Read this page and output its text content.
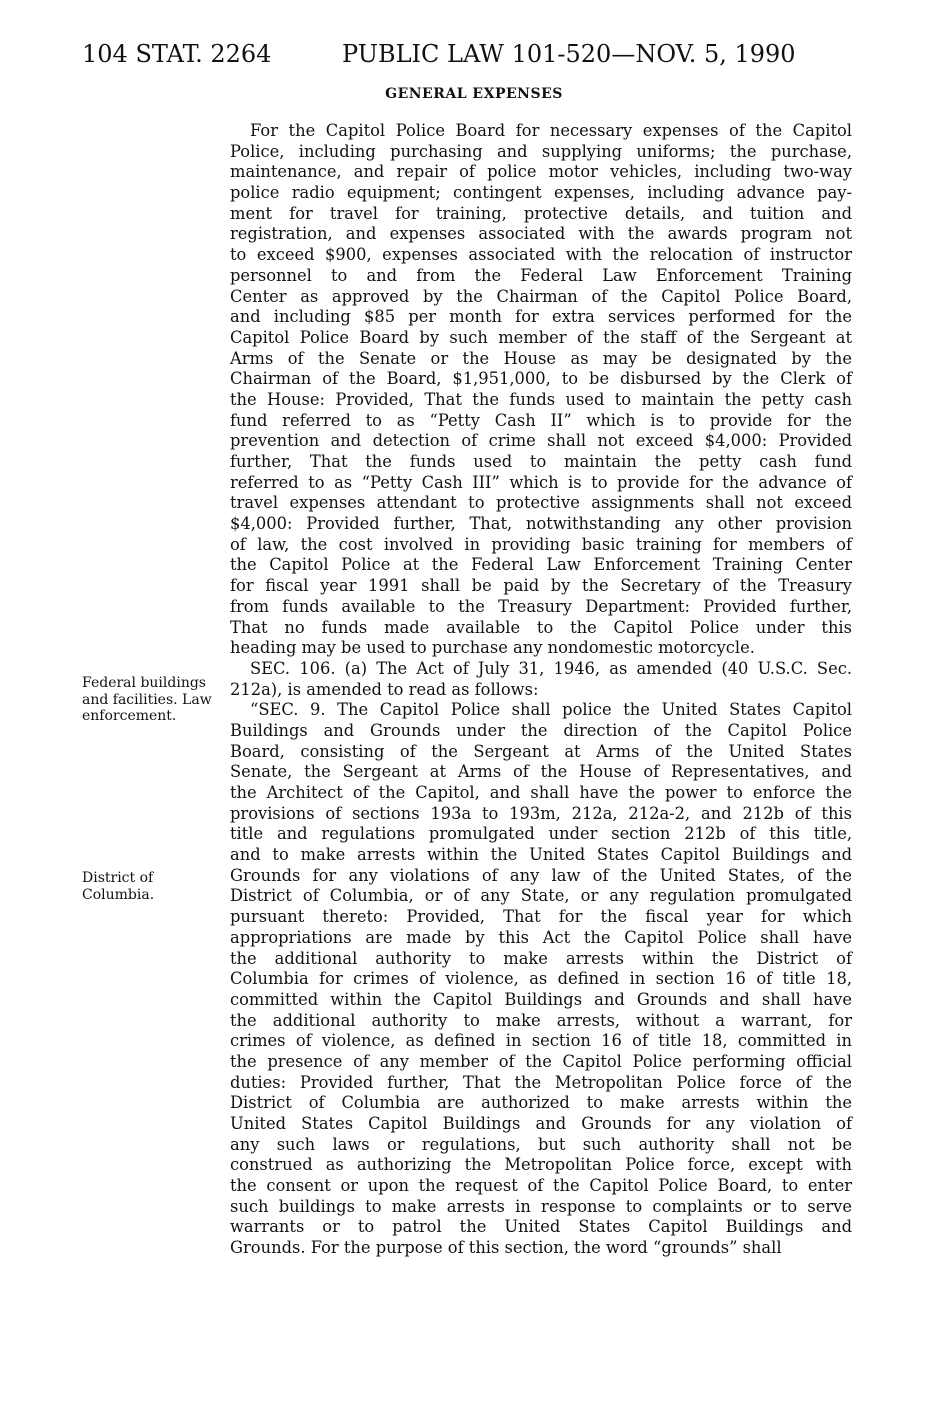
104 STAT. 2264	PUBLIC LAW 101-520—NOV. 5, 1990
GENERAL EXPENSES
Federal buildings and facilities. Law enforcement.
District of Columbia.
For the Capitol Police Board for necessary expenses of the Capitol
Police, including purchasing and supplying uniforms; the purchase,
maintenance, and repair of police motor vehicles, including two-way
police radio equipment; contingent expenses, including advance pay-
ment for travel for training, protective details, and tuition and
registration, and expenses associated with the awards program not
to exceed $900, expenses associated with the relocation of instructor
personnel to and from the Federal Law Enforcement Training
Center as approved by the Chairman of the Capitol Police Board,
and including $85 per month for extra services performed for the
Capitol Police Board by such member of the staff of the Sergeant at
Arms of the Senate or the House as may be designated by the
Chairman of the Board, $1,951,000, to be disbursed by the Clerk of
the House: Provided, That the funds used to maintain the petty cash
fund referred to as “Petty Cash II” which is to provide for the
prevention and detection of crime shall not exceed $4,000: Provided
further, That the funds used to maintain the petty cash fund
referred to as “Petty Cash III” which is to provide for the advance of
travel expenses attendant to protective assignments shall not exceed
$4,000: Provided further, That, notwithstanding any other provision
of law, the cost involved in providing basic training for members of
the Capitol Police at the Federal Law Enforcement Training Center
for fiscal year 1991 shall be paid by the Secretary of the Treasury
from funds available to the Treasury Department: Provided further,
That no funds made available to the Capitol Police under this
heading may be used to purchase any nondomestic motorcycle.
SEC. 106. (a) The Act of July 31, 1946, as amended (40 U.S.C. Sec.
212a), is amended to read as follows:
“SEC. 9. The Capitol Police shall police the United States Capitol
Buildings and Grounds under the direction of the Capitol Police
Board, consisting of the Sergeant at Arms of the United States
Senate, the Sergeant at Arms of the House of Representatives, and
the Architect of the Capitol, and shall have the power to enforce the
provisions of sections 193a to 193m, 212a, 212a-2, and 212b of this
title and regulations promulgated under section 212b of this title,
and to make arrests within the United States Capitol Buildings and
Grounds for any violations of any law of the United States, of the
District of Columbia, or of any State, or any regulation promulgated
pursuant thereto: Provided, That for the fiscal year for which
appropriations are made by this Act the Capitol Police shall have
the additional authority to make arrests within the District of
Columbia for crimes of violence, as defined in section 16 of title 18,
committed within the Capitol Buildings and Grounds and shall have
the additional authority to make arrests, without a warrant, for
crimes of violence, as defined in section 16 of title 18, committed in
the presence of any member of the Capitol Police performing official
duties: Provided further, That the Metropolitan Police force of the
District of Columbia are authorized to make arrests within the
United States Capitol Buildings and Grounds for any violation of
any such laws or regulations, but such authority shall not be
construed as authorizing the Metropolitan Police force, except with
the consent or upon the request of the Capitol Police Board, to enter
such buildings to make arrests in response to complaints or to serve
warrants or to patrol the United States Capitol Buildings and
Grounds. For the purpose of this section, the word “grounds” shall
